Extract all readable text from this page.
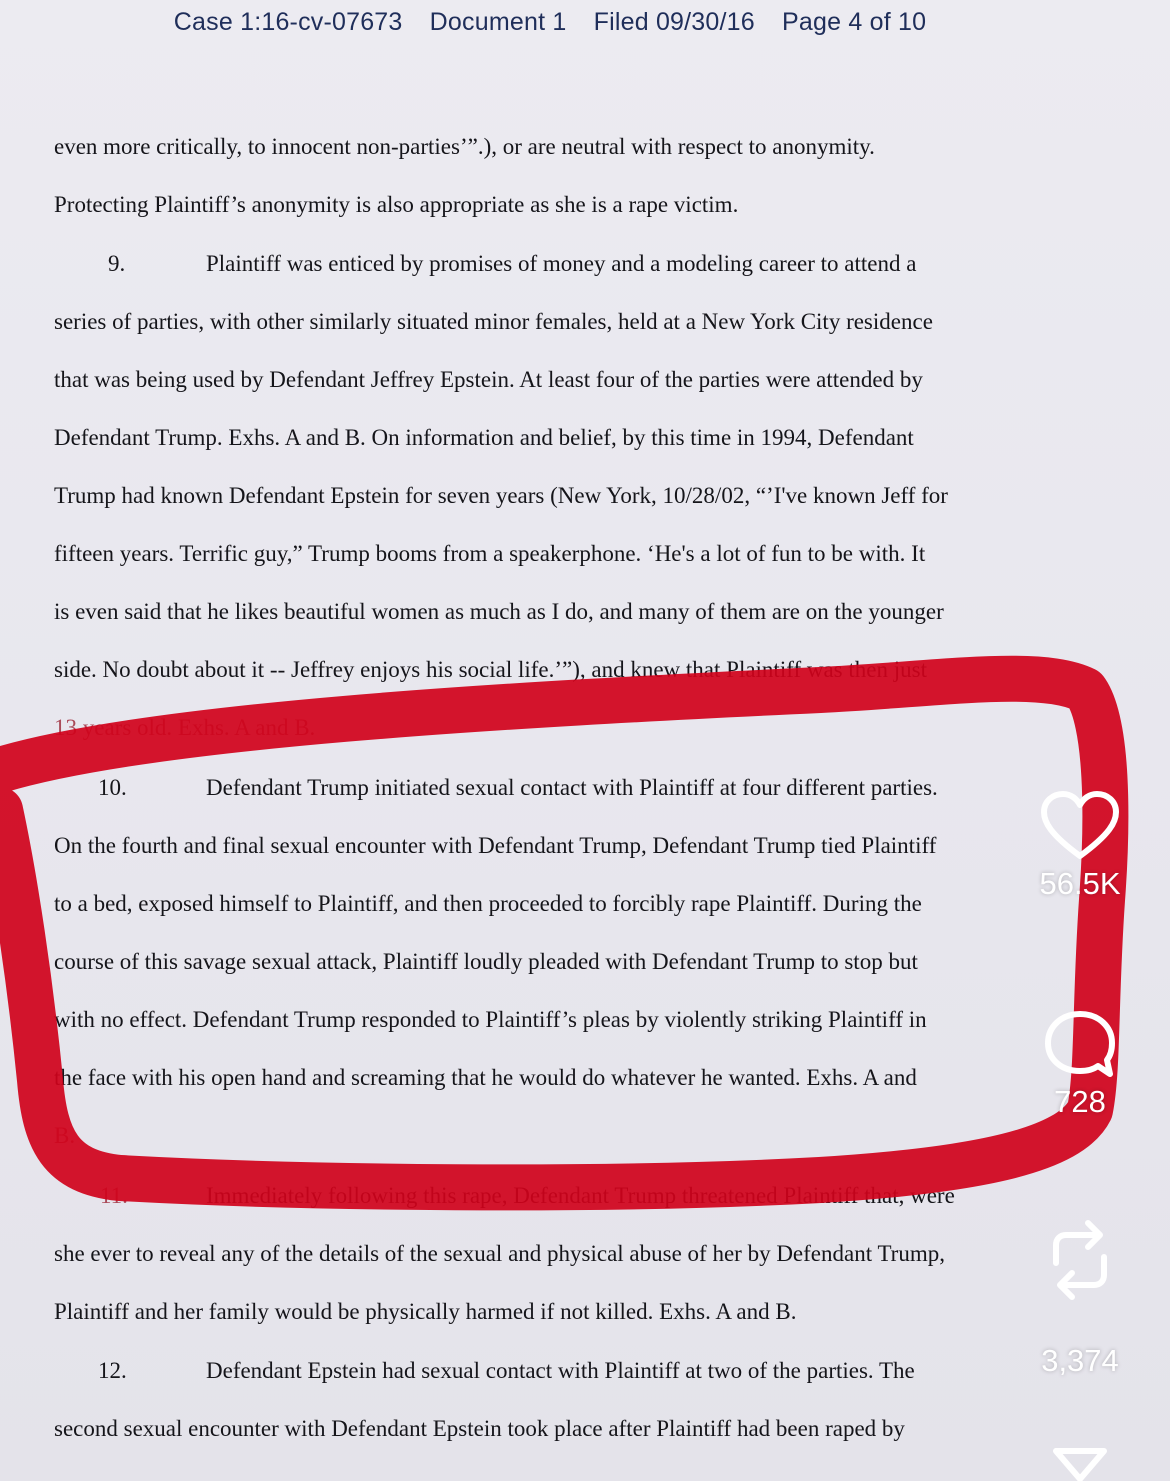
Case 1:16-cv-07673 Document 1 Filed 09/30/16 Page 4 of 10
even more critically, to innocent non-parties’”.), or are neutral with respect to anonymity.
Protecting Plaintiff’s anonymity is also appropriate as she is a rape victim.
9.	Plaintiff was enticed by promises of money and a modeling career to attend a
series of parties, with other similarly situated minor females, held at a New York City residence
that was being used by Defendant Jeffrey Epstein. At least four of the parties were attended by
Defendant Trump. Exhs. A and B. On information and belief, by this time in 1994, Defendant
Trump had known Defendant Epstein for seven years (New York, 10/28/02, “’I've known Jeff for
fifteen years. Terrific guy,” Trump booms from a speakerphone. ‘He's a lot of fun to be with. It
is even said that he likes beautiful women as much as I do, and many of them are on the younger
side. No doubt about it -- Jeffrey enjoys his social life.’”), and knew that Plaintiff was then just
13 years old. Exhs. A and B.
10.	Defendant Trump initiated sexual contact with Plaintiff at four different parties.
On the fourth and final sexual encounter with Defendant Trump, Defendant Trump tied Plaintiff
to a bed, exposed himself to Plaintiff, and then proceeded to forcibly rape Plaintiff. During the
course of this savage sexual attack, Plaintiff loudly pleaded with Defendant Trump to stop but
with no effect. Defendant Trump responded to Plaintiff’s pleas by violently striking Plaintiff in
the face with his open hand and screaming that he would do whatever he wanted. Exhs. A and
B.
11.	Immediately following this rape, Defendant Trump threatened Plaintiff that, were
she ever to reveal any of the details of the sexual and physical abuse of her by Defendant Trump,
Plaintiff and her family would be physically harmed if not killed. Exhs. A and B.
12.	Defendant Epstein had sexual contact with Plaintiff at two of the parties. The
second sexual encounter with Defendant Epstein took place after Plaintiff had been raped by
56.5K
728
3,374
